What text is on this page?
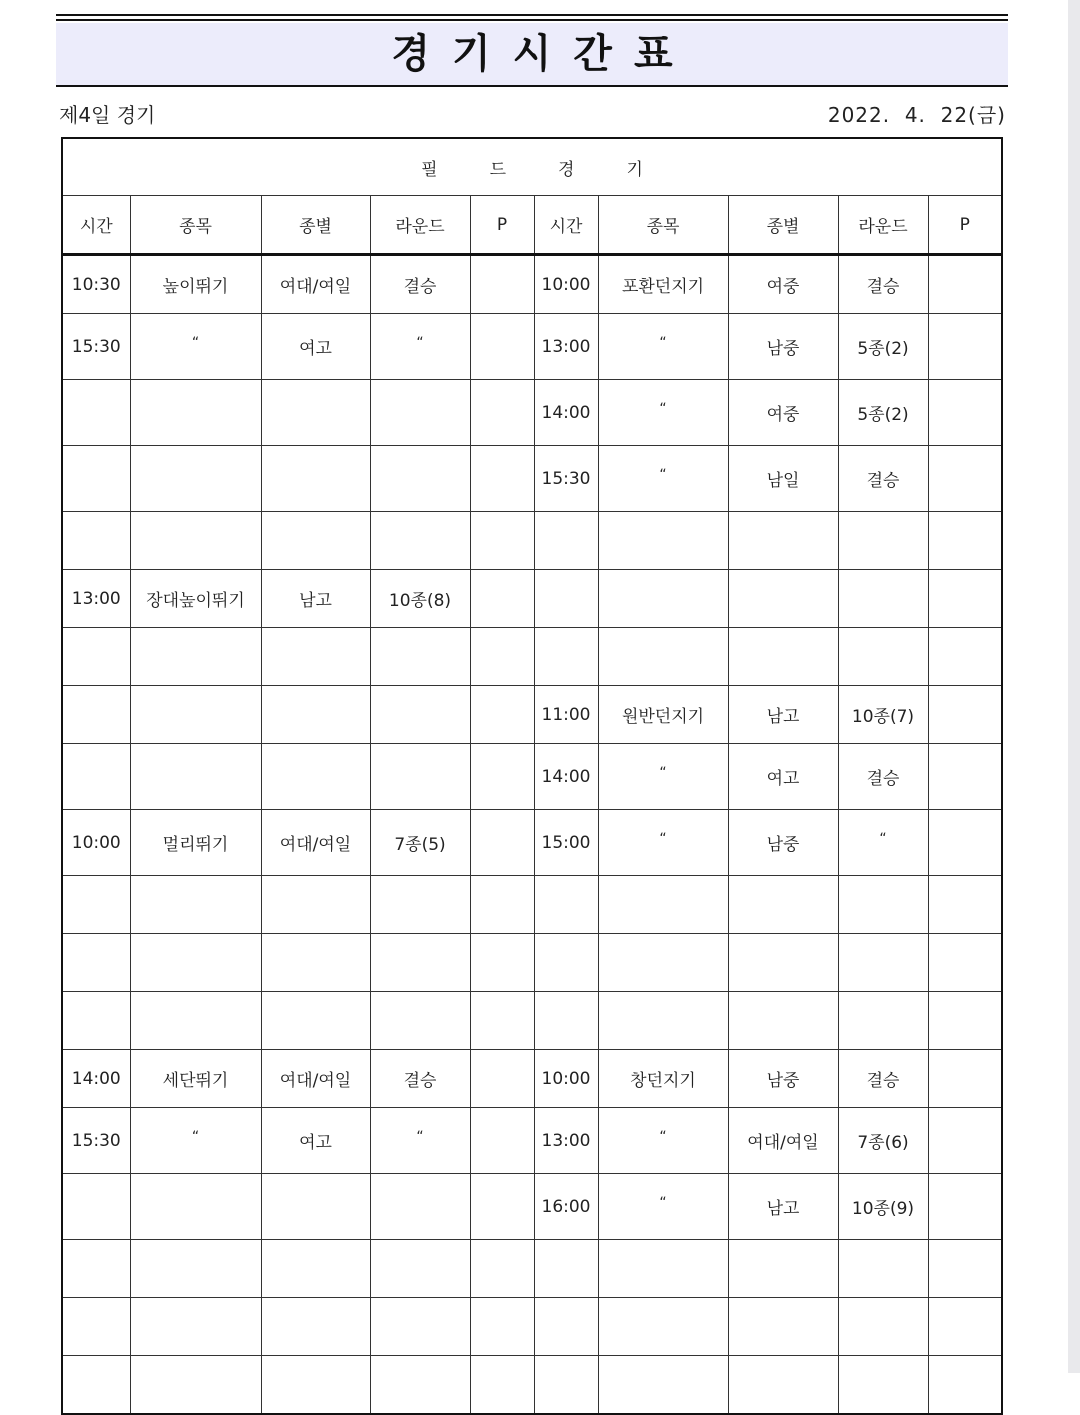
경기시간표
제4일 경기	2022.  4.  22(금)
필드경기									
시간	종목	종별	라운드	P	시간	종목	종별	라운드	P
10:30	높이뛰기	여대/여일	결승		10:00	포환던지기	여중	결승	
15:30	“	여고	“		13:00	“	남중	5종(2)	
					14:00	“	여중	5종(2)	
					15:30	“	남일	결승	

13:00	장대높이뛰기	남고	10종(8)						

					11:00	원반던지기	남고	10종(7)	
					14:00	“	여고	결승	
10:00	멀리뛰기	여대/여일	7종(5)		15:00	“	남중	“	

14:00	세단뛰기	여대/여일	결승		10:00	창던지기	남중	결승	
15:30	“	여고	“		13:00	“	여대/여일	7종(6)	
					16:00	“	남고	10종(9)	
